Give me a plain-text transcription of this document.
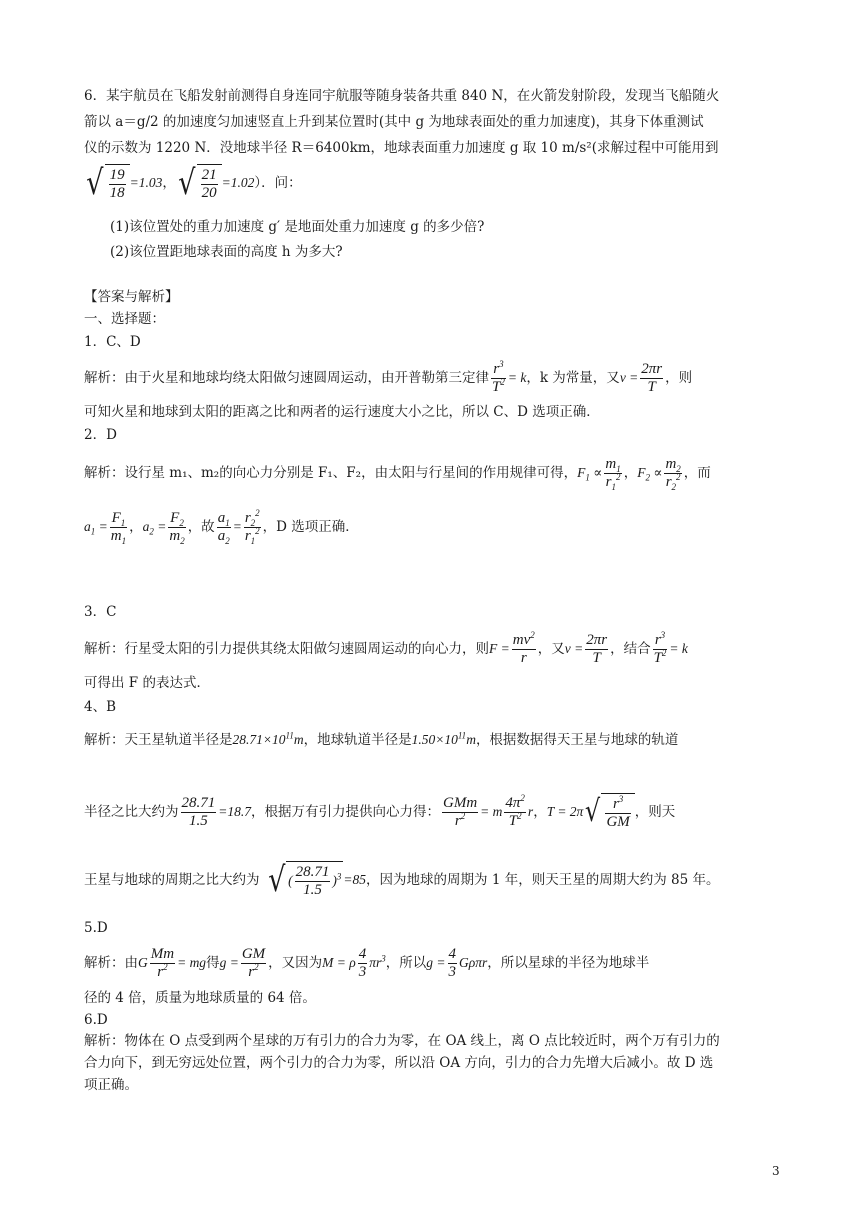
6．某宇航员在飞船发射前测得自身连同宇航服等随身装备共重 840 N，在火箭发射阶段，发现当飞船随火
箭以 a＝g/2 的加速度匀加速竖直上升到某位置时(其中 g 为地球表面处的重力加速度)，其身下体重测试
仪的示数为 1220 N．没地球半径 R＝6400km，地球表面重力加速度 g 取 10 m/s²(求解过程中可能用到
√ $\frac{19}{18} =1.03$ ， √ $\frac{21}{20} =1.02$ ）．问：
(1)该位置处的重力加速度 g′ 是地面处重力加速度 g 的多少倍?
(2)该位置距地球表面的高度 h 为多大?
【答案与解析】
一、选择题：
1．C、D
解析：由于火星和地球均绕太阳做匀速圆周运动，由开普勒第三定律 $\frac{r^3}{T^2} = k$ ，k 为常量，又 $v = \frac{2\pi r}{T}$ ，则
可知火星和地球到太阳的距离之比和两者的运行速度大小之比，所以 C、D 选项正确．
2．D
解析：设行星 m₁、m₂的向心力分别是 F₁、F₂，由太阳与行星间的作用规律可得， $F_1 \propto \frac{m_1}{r_1^2}$ ， $F_2 \propto \frac{m_2}{r_2^2}$ ，而
$a_1 = \frac{F_1}{m_1}$ ， $a_2 = \frac{F_2}{m_2}$ ，故 $\frac{a_1}{a_2} = \frac{r_2^2}{r_1^2}$ ，D 选项正确．
3．C
解析：行星受太阳的引力提供其绕太阳做匀速圆周运动的向心力，则 $F = \frac{mv^2}{r}$ ，又 $v = \frac{2\pi r}{T}$ ，结合 $\frac{r^3}{T^2} = k$
可得出 F 的表达式．
4、B
解析：天王星轨道半径是 $28.71\times 10^{11}m$ ，地球轨道半径是 $1.50\times 10^{11}m$ ，根据数据得天王星与地球的轨道
半径之比大约为 $\frac{28.71}{1.5} =18.7$ ，根据万有引力提供向心力得： $\frac{\text{GMm}}{r^2} = m \frac{4\pi^2}{T^2}$ r ， T = 2π √ $\frac{r^3}{GM}$ ，则天
王星与地球的周期之比大约为 √ ( $\frac{28.71}{1.5} )^3 =85$ ，因为地球的周期为 1 年，则天王星的周期大约为 85 年。
5.D
解析：由 G $\frac{Mm}{r^2}$ = mg 得 $g = \frac{GM}{r^2}$ ，又因为 M = ρ $\frac{4}{3} \pi r^3$ ，所以 $g = \frac{4}{3}$ Gρπr ，所以星球的半径为地球半
径的 4 倍，质量为地球质量的 64 倍。
6.D
解析：物体在 O 点受到两个星球的万有引力的合力为零，在 OA 线上，离 O 点比较近时，两个万有引力的
合力向下，到无穷远处位置，两个引力的合力为零，所以沿 OA 方向，引力的合力先增大后减小。故 D 选
项正确。
3
